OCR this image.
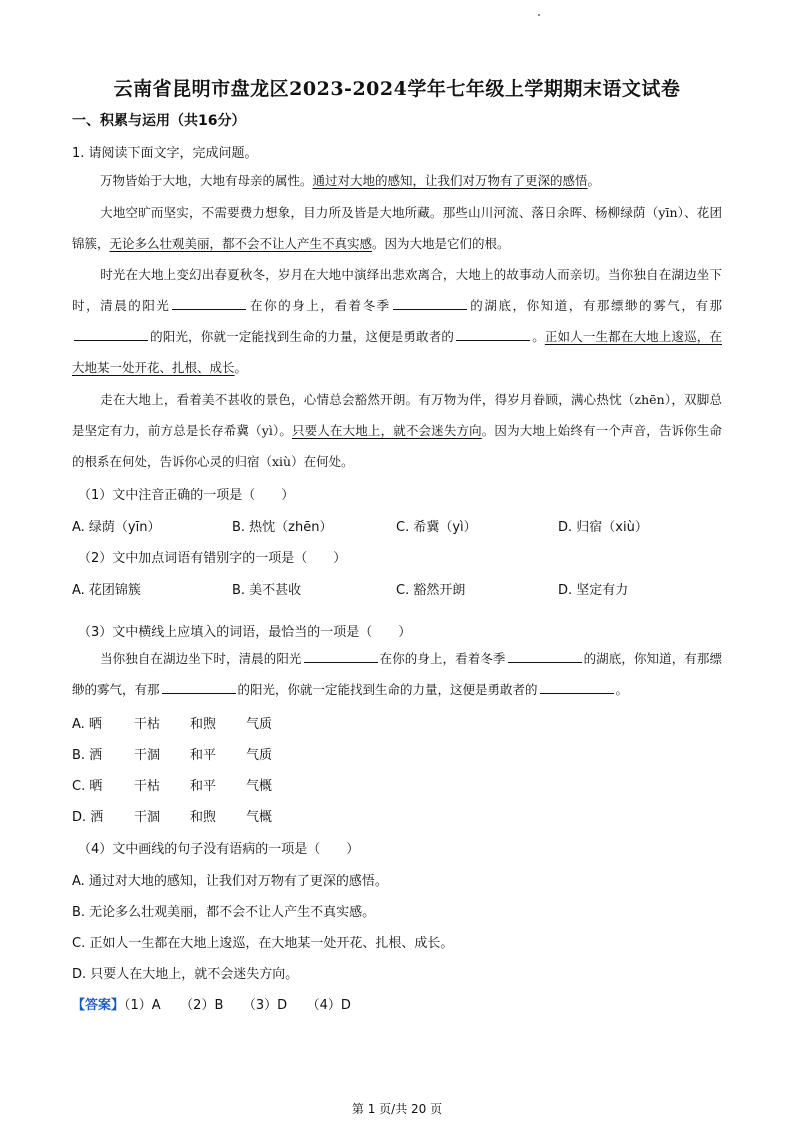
云南省昆明市盘龙区2023-2024学年七年级上学期期末语文试卷
一、积累与运用（共16分）
1. 请阅读下面文字，完成问题。
万物皆始于大地，大地有母亲的属性。通过对大地的感知，让我们对万物有了更深的感悟。
大地空旷而坚实，不需要费力想象，目力所及皆是大地所藏。那些山川河流、落日余晖、杨柳绿荫（yīn）、花团锦簇，无论多么壮观美丽，都不会不让人产生不真实感。因为大地是它们的根。
时光在大地上变幻出春夏秋冬，岁月在大地中演绎出悲欢离合，大地上的故事动人而亲切。当你独自在湖边坐下时，清晨的阳光	在你的身上，看着冬季	的湖底，你知道，有那缥缈的雾气，有那的阳光，你就一定能找到生命的力量，这便是勇敢者的	。正如人一生都在大地上逡巡，在大地某一处开花、扎根、成长。
走在大地上，看着美不甚收的景色，心情总会豁然开朗。有万物为伴，得岁月眷顾，满心热忱（zhēn），双脚总是坚定有力，前方总是长存希冀（yì）。只要人在大地上，就不会迷失方向。因为大地上始终有一个声音，告诉你生命的根系在何处，告诉你心灵的归宿（xiù）在何处。
（1）文中注音正确的一项是（　　）
A. 绿荫（yīn）	B. 热忱（zhēn）	C. 希冀（yì）	D. 归宿（xiù）
（2）文中加点词语有错别字的一项是（　　）
A. 花团锦簇	B. 美不甚收	C. 豁然开朗	D. 坚定有力
（3）文中横线上应填入的词语，最恰当的一项是（　　）
当你独自在湖边坐下时，清晨的阳光	在你的身上，看着冬季	的湖底，你知道，有那缥缈的雾气，有那	的阳光，你就一定能找到生命的力量，这便是勇敢者的	。
A. 晒 干枯 和煦 气质
B. 洒 干涸 和平 气质
C. 晒 干枯 和平 气概
D. 洒 干涸 和煦 气概
（4）文中画线的句子没有语病的一项是（　　）
A. 通过对大地的感知，让我们对万物有了更深的感悟。
B. 无论多么壮观美丽，都不会不让人产生不真实感。
C. 正如人一生都在大地上逡巡，在大地某一处开花、扎根、成长。
D. 只要人在大地上，就不会迷失方向。
【答案】（1）A　　（2）B　　（3）D　　（4）D
第 1 页/共 20 页
